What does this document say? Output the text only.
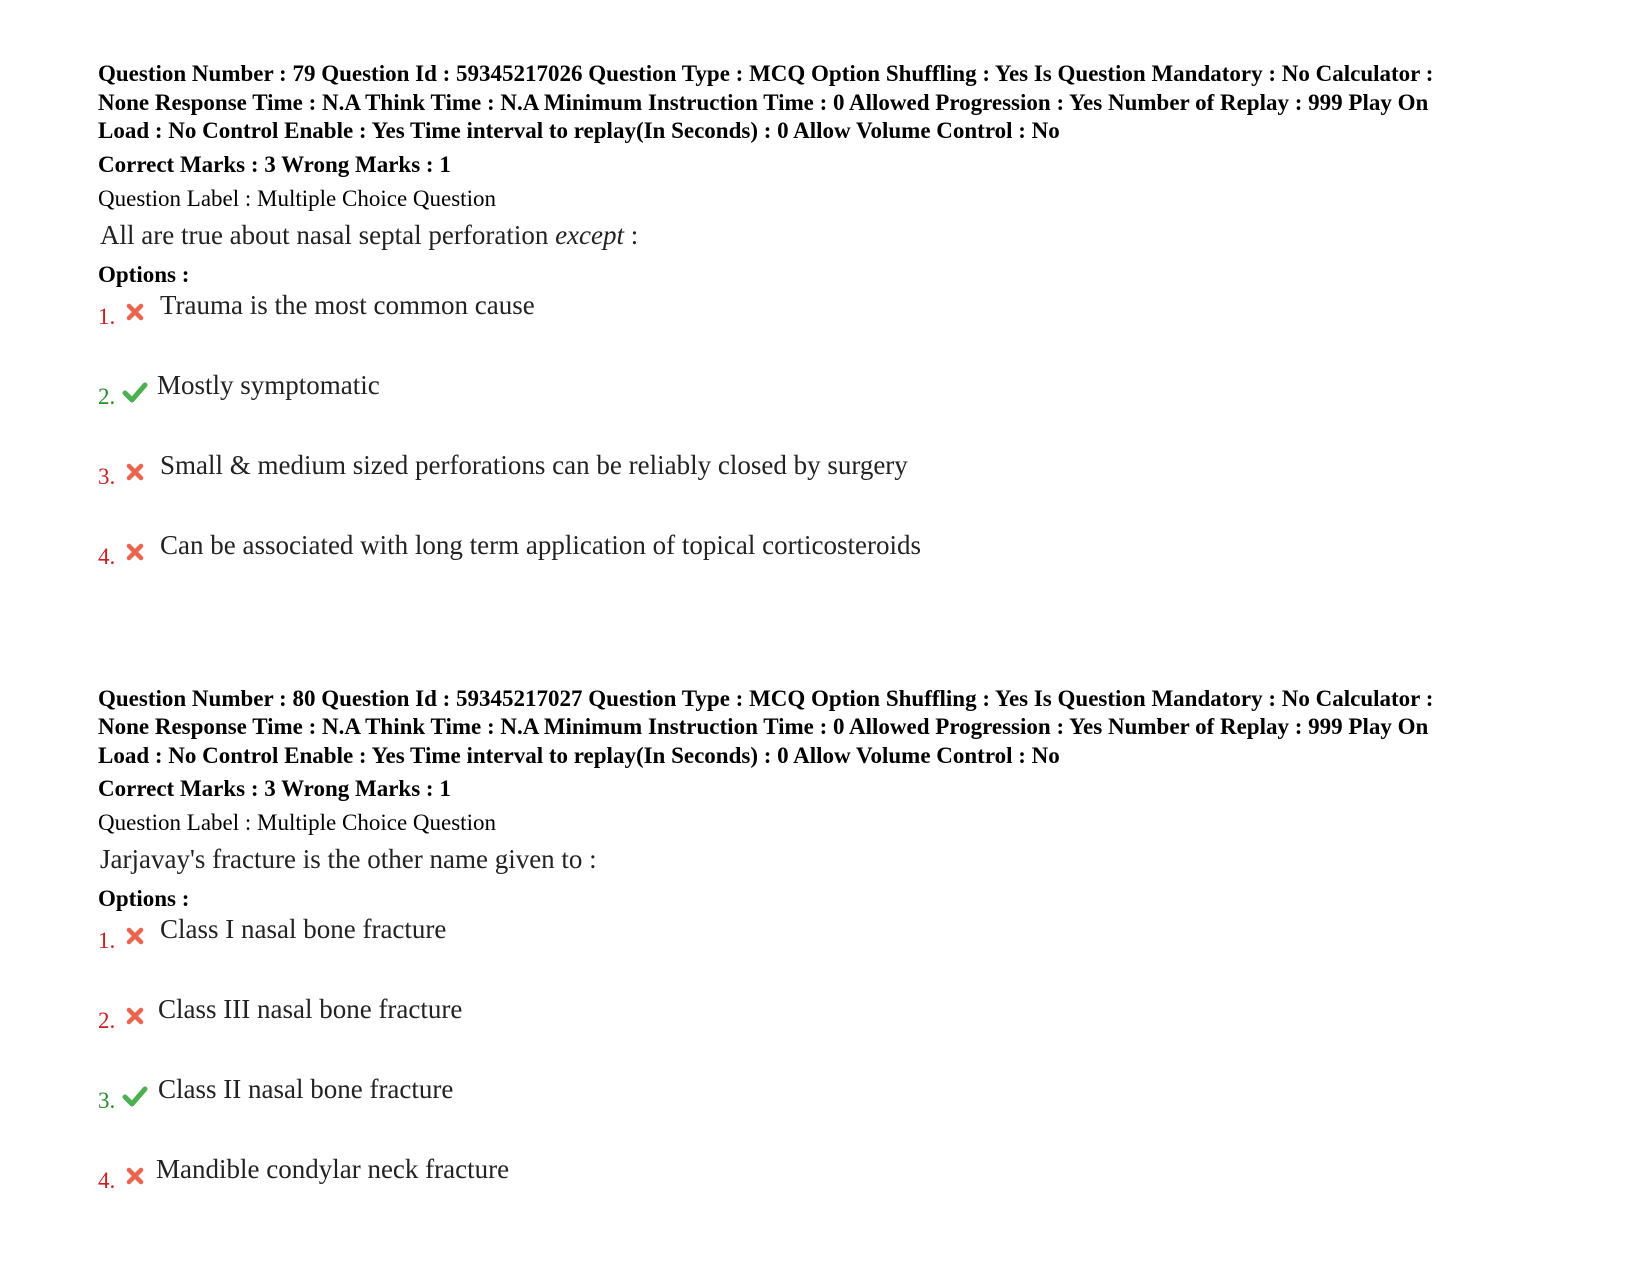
Question Number : 79 Question Id : 59345217026 Question Type : MCQ Option Shuffling : Yes Is Question Mandatory : No Calculator :
None Response Time : N.A Think Time : N.A Minimum Instruction Time : 0 Allowed Progression : Yes Number of Replay : 999 Play On
Load : No Control Enable : Yes Time interval to replay(In Seconds) : 0 Allow Volume Control : No

Correct Marks : 3 Wrong Marks : 1
Question Label : Multiple Choice Question
All are true about nasal septal perforation except :
Options :
1. Trauma is the most common cause
2. Mostly symptomatic
3. Small & medium sized perforations can be reliably closed by surgery
4. Can be associated with long term application of topical corticosteroids

Question Number : 80 Question Id : 59345217027 Question Type : MCQ Option Shuffling : Yes Is Question Mandatory : No Calculator :
None Response Time : N.A Think Time : N.A Minimum Instruction Time : 0 Allowed Progression : Yes Number of Replay : 999 Play On
Load : No Control Enable : Yes Time interval to replay(In Seconds) : 0 Allow Volume Control : No

Correct Marks : 3 Wrong Marks : 1
Question Label : Multiple Choice Question
Jarjavay's fracture is the other name given to :
Options :
1. Class I nasal bone fracture
2. Class III nasal bone fracture
3. Class II nasal bone fracture
4. Mandible condylar neck fracture
